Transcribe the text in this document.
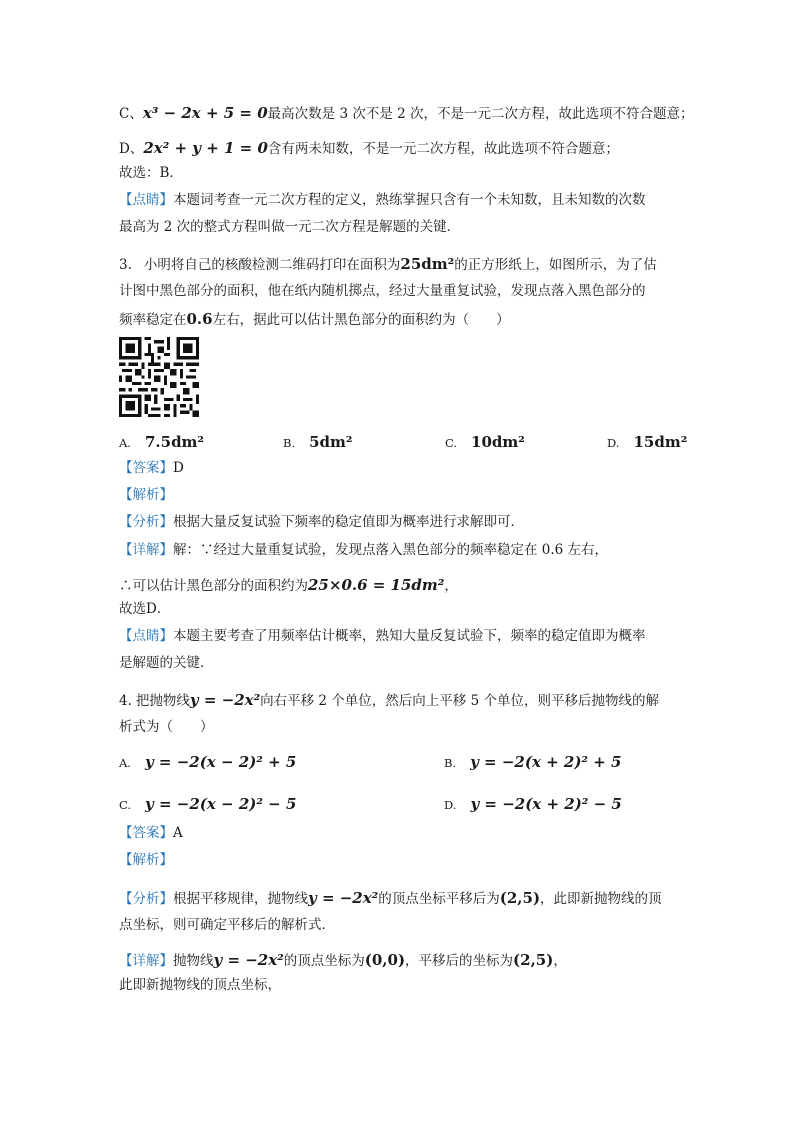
C、x³ − 2x + 5 = 0最高次数是 3 次不是 2 次，不是一元二次方程，故此选项不符合题意；
D、2x² + y + 1 = 0含有两未知数，不是一元二次方程，故此选项不符合题意；
故选：B．
【点睛】本题词考查一元二次方程的定义，熟练掌握只含有一个未知数，且未知数的次数
最高为 2 次的整式方程叫做一元二次方程是解题的关键．
3. 小明将自己的核酸检测二维码打印在面积为25dm²的正方形纸上，如图所示，为了估
计图中黑色部分的面积，他在纸内随机掷点，经过大量重复试验，发现点落入黑色部分的
频率稳定在0.6左右，据此可以估计黑色部分的面积约为（　　）
A. 7.5dm²	B. 5dm²	C. 10dm²	D. 15dm²
【答案】D
【解析】
【分析】根据大量反复试验下频率的稳定值即为概率进行求解即可．
【详解】解：∵经过大量重复试验，发现点落入黑色部分的频率稳定在 0.6 左右，
∴可以估计黑色部分的面积约为25×0.6 = 15dm²，
故选D．
【点睛】本题主要考查了用频率估计概率，熟知大量反复试验下，频率的稳定值即为概率
是解题的关键．
4. 把抛物线y = −2x²向右平移 2 个单位，然后向上平移 5 个单位，则平移后抛物线的解
析式为（　　）
A. y = −2(x − 2)² + 5	B. y = −2(x + 2)² + 5
C. y = −2(x − 2)² − 5	D. y = −2(x + 2)² − 5
【答案】A
【解析】
【分析】根据平移规律，抛物线y = −2x²的顶点坐标平移后为(2,5)，此即新抛物线的顶
点坐标，则可确定平移后的解析式．
【详解】抛物线y = −2x²的顶点坐标为(0,0)，平移后的坐标为(2,5)，
此即新抛物线的顶点坐标，
